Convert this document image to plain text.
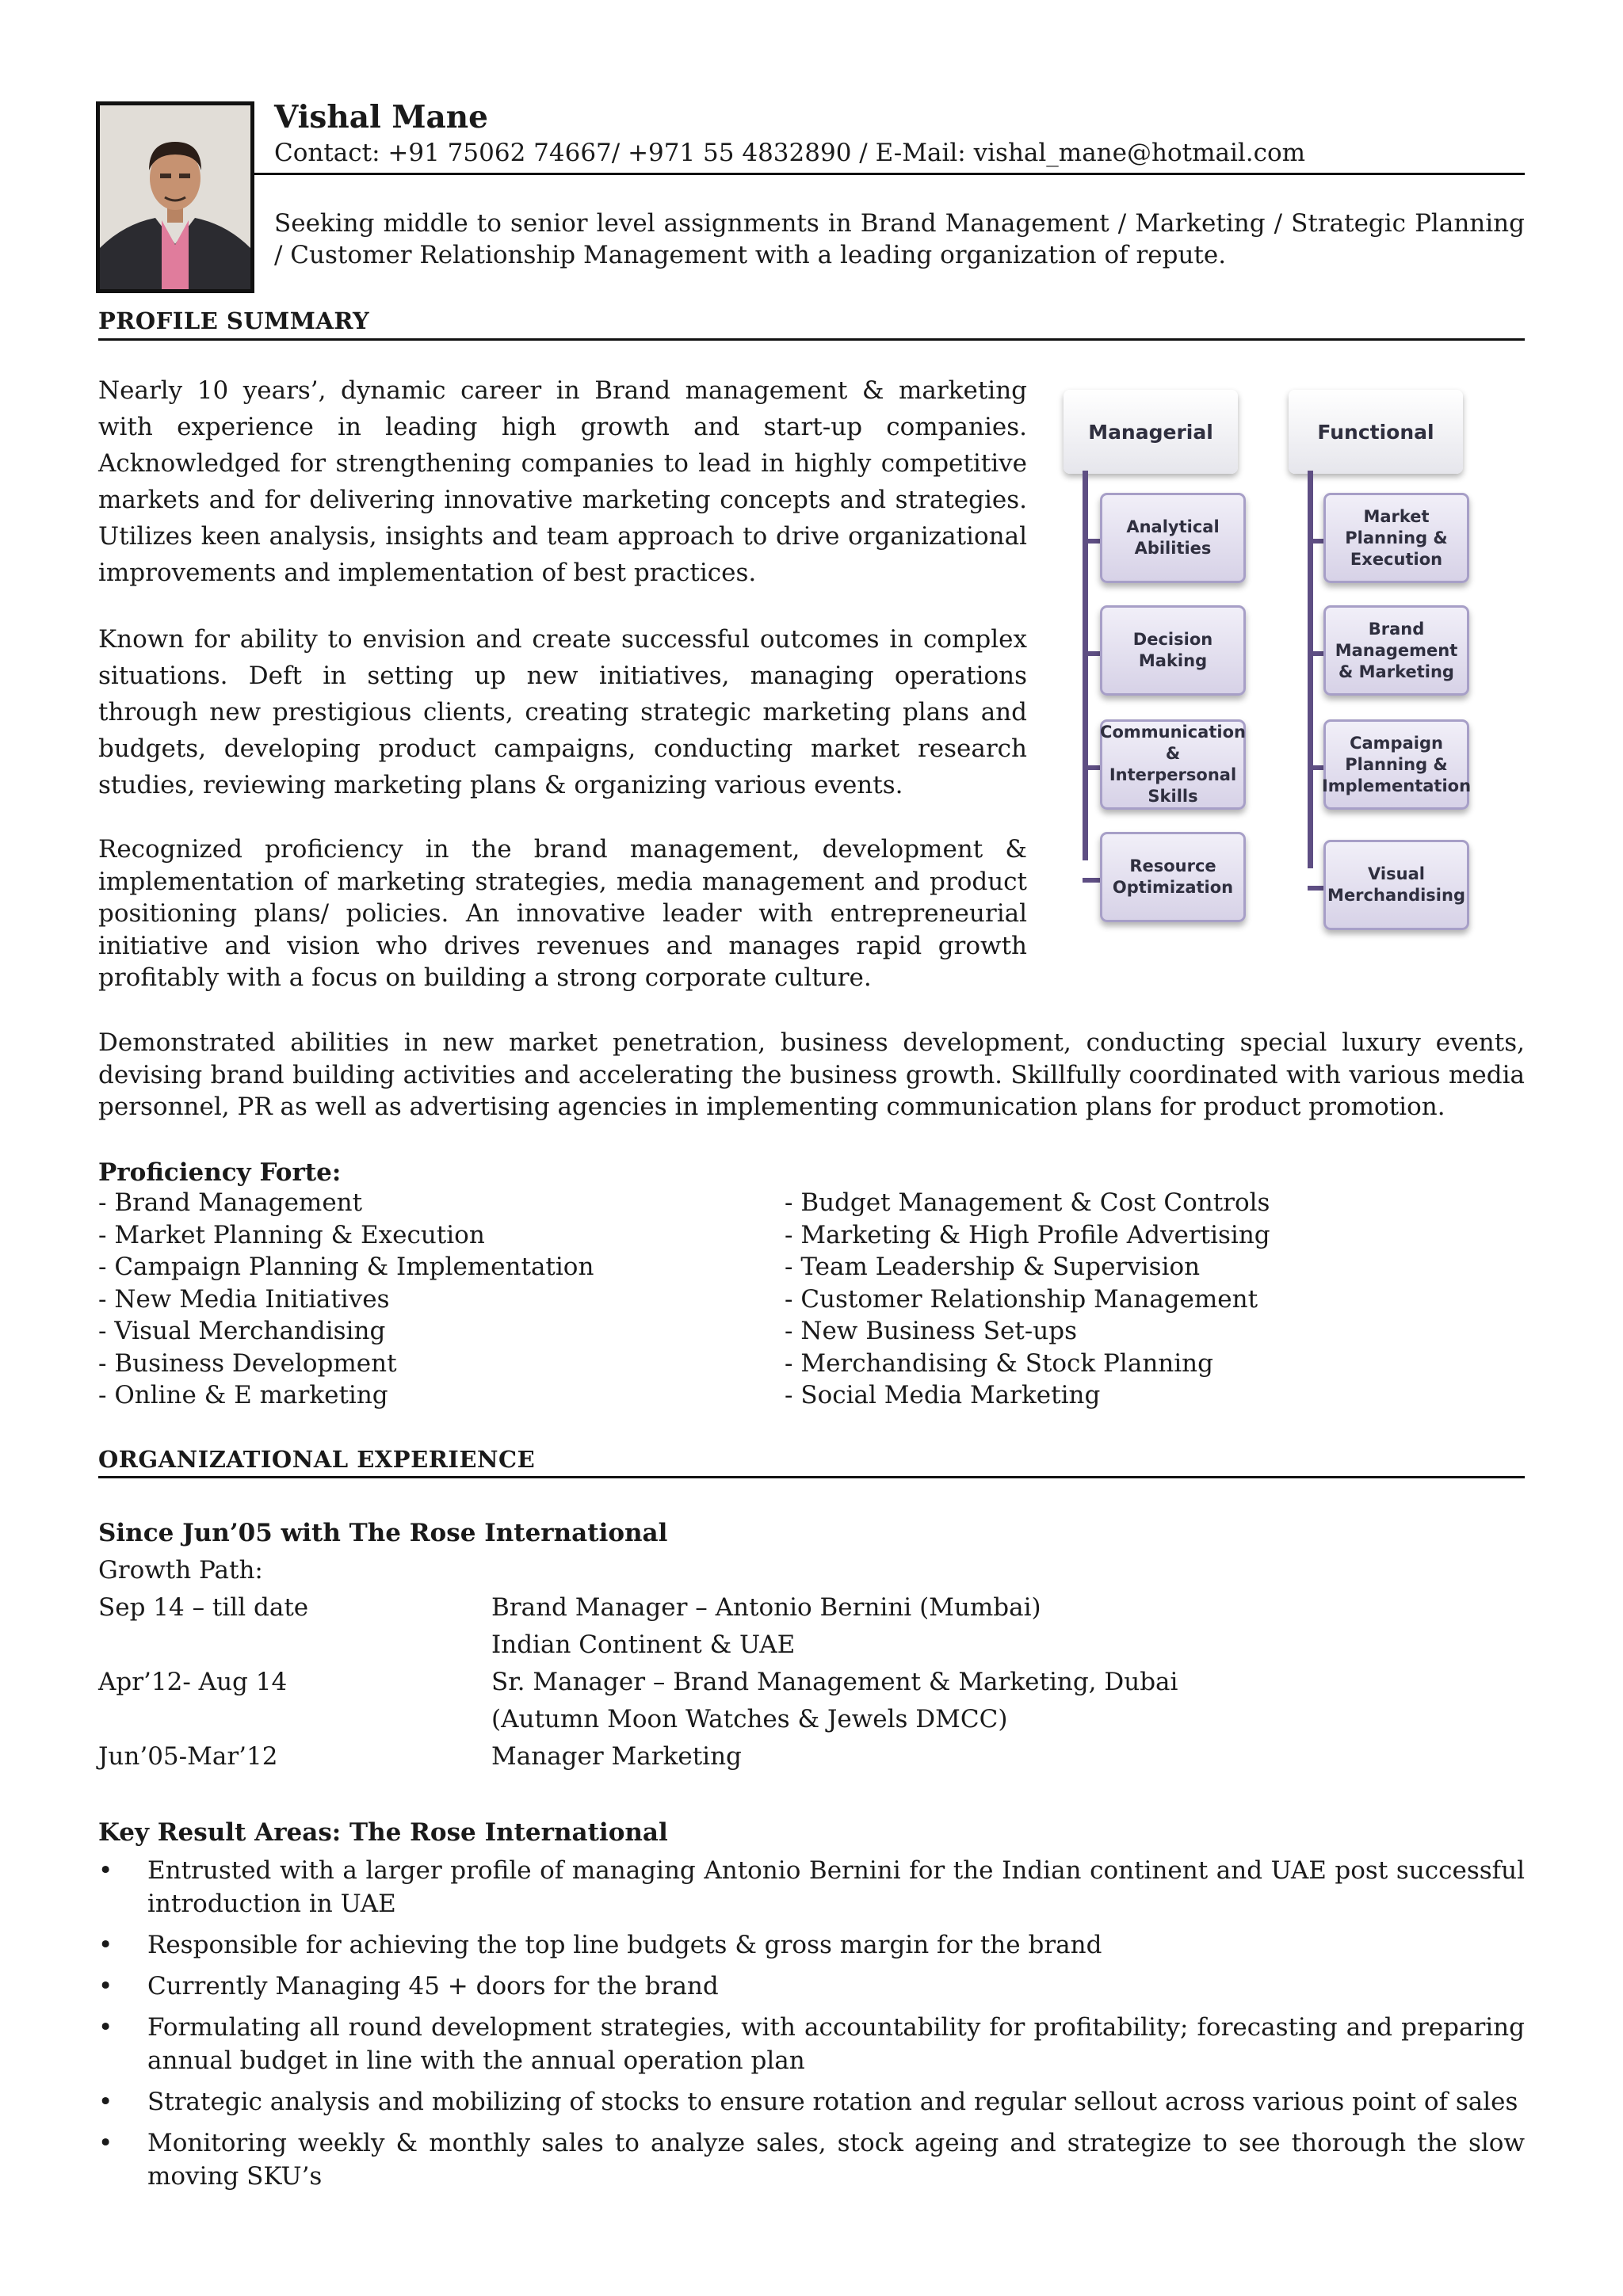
Vishal Mane
Contact: +91 75062 74667/ +971 55 4832890 / E-Mail: vishal_mane@hotmail.com
Seeking middle to senior level assignments in Brand Management / Marketing / Strategic Planning / Customer Relationship Management with a leading organization of repute.
PROFILE SUMMARY
Nearly 10 years’, dynamic career in Brand management & marketing with experience in leading high growth and start-up companies. Acknowledged for strengthening companies to lead in highly competitive markets and for delivering innovative marketing concepts and strategies. Utilizes keen analysis, insights and team approach to drive organizational improvements and implementation of best practices.
Known for ability to envision and create successful outcomes in complex situations. Deft in setting up new initiatives, managing operations through new prestigious clients, creating strategic marketing plans and budgets, developing product campaigns, conducting market research studies, reviewing marketing plans & organizing various events.
Recognized proficiency in the brand management, development & implementation of marketing strategies, media management and product positioning plans/ policies. An innovative leader with entrepreneurial initiative and vision who drives revenues and manages rapid growth profitably with a focus on building a strong corporate culture.
Demonstrated abilities in new market penetration, business development, conducting special luxury events, devising brand building activities and accelerating the business growth. Skillfully coordinated with various media personnel, PR as well as advertising agencies in implementing communication plans for product promotion.
Managerial
Analytical Abilities
Decision Making
Communication & Interpersonal Skills
Resource Optimization
Functional
Market Planning & Execution
Brand Management & Marketing
Campaign Planning & Implementation
Visual Merchandising
Proficiency Forte:
- Brand Management
- Market Planning & Execution
- Campaign Planning & Implementation
- New Media Initiatives
- Visual Merchandising
- Business Development
- Online & E marketing
- Budget Management & Cost Controls
- Marketing & High Profile Advertising
- Team Leadership & Supervision
- Customer Relationship Management
- New Business Set-ups
- Merchandising & Stock Planning
- Social Media Marketing
ORGANIZATIONAL EXPERIENCE
Since Jun’05 with The Rose International
Growth Path:
Sep 14 – till date	Brand Manager – Antonio Bernini (Mumbai)
Indian Continent & UAE
Apr’12- Aug 14	Sr. Manager – Brand Management & Marketing, Dubai
(Autumn Moon Watches & Jewels DMCC)
Jun’05-Mar’12	Manager Marketing
Key Result Areas: The Rose International
•	Entrusted with a larger profile of managing Antonio Bernini for the Indian continent and UAE post successful introduction in UAE
•	Responsible for achieving the top line budgets & gross margin for the brand
•	Currently Managing 45 + doors for the brand
•	Formulating all round development strategies, with accountability for profitability; forecasting and preparing annual budget in line with the annual operation plan
•	Strategic analysis and mobilizing of stocks to ensure rotation and regular sellout across various point of sales
•	Monitoring weekly & monthly sales to analyze sales, stock ageing and strategize to see thorough the slow moving SKU’s
